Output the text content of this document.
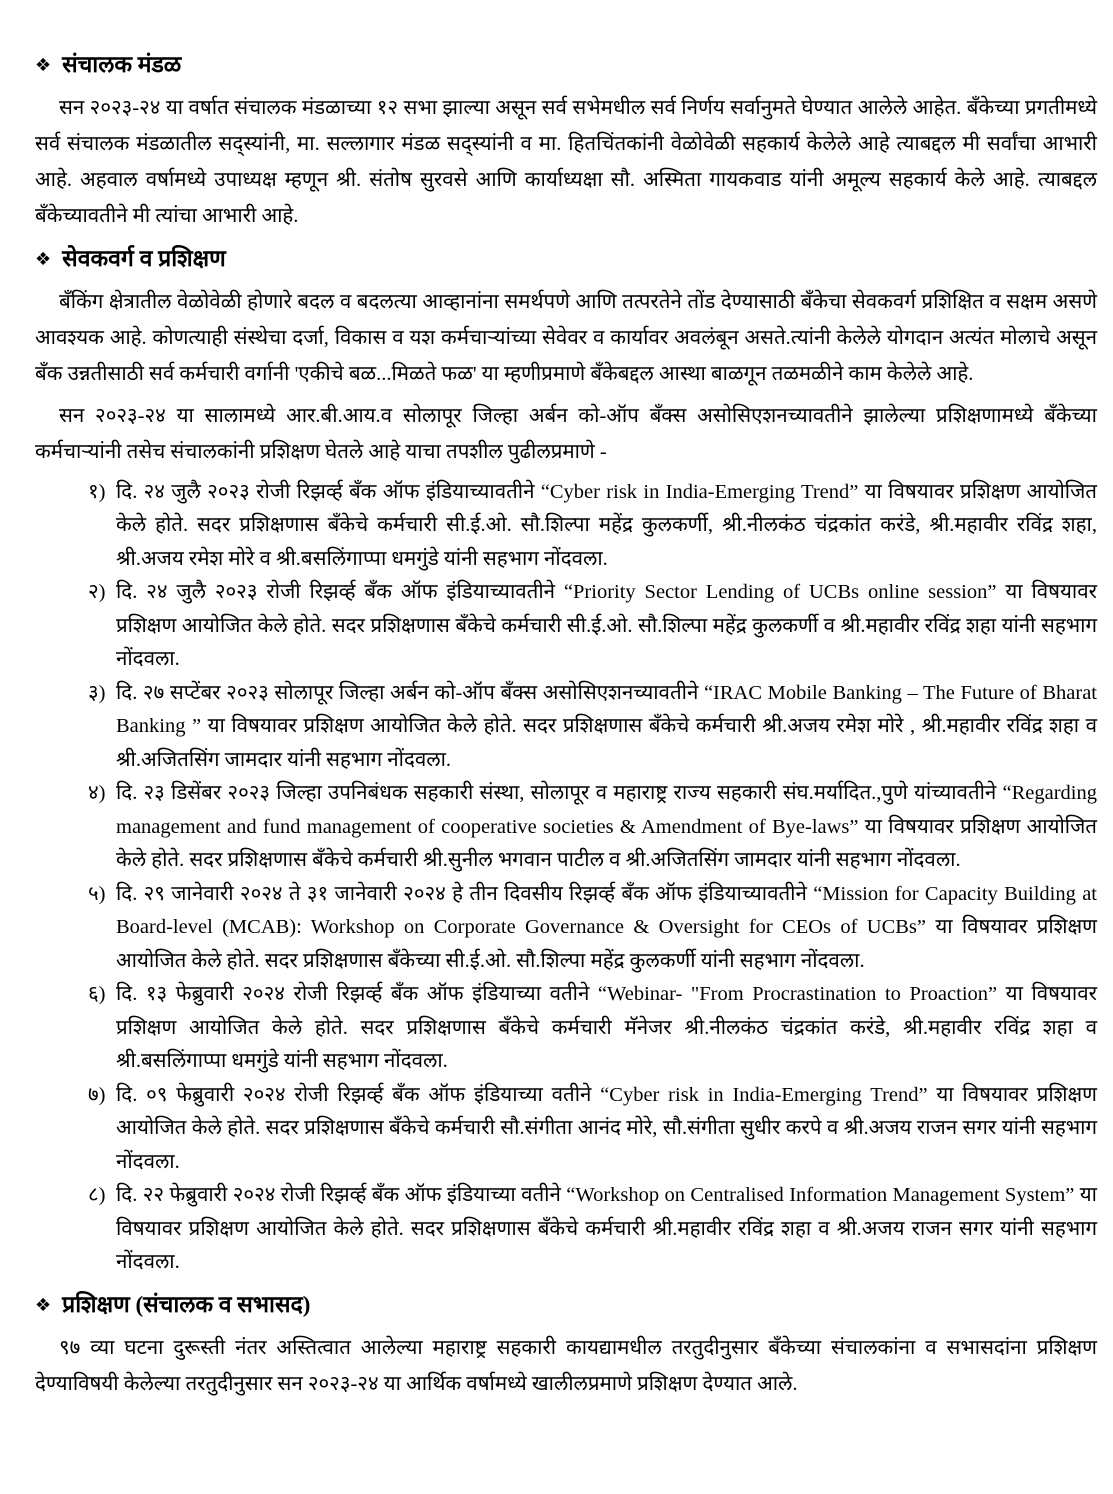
❖ संचालक मंडळ

सन २०२३-२४ या वर्षात संचालक मंडळाच्या १२ सभा झाल्या असून सर्व सभेमधील सर्व निर्णय सर्वानुमते घेण्यात आलेले आहेत. बँकेच्या प्रगतीमध्ये सर्व संचालक मंडळातील सद्स्यांनी, मा. सल्लागार मंडळ सद्स्यांनी व मा. हितचिंतकांनी वेळोवेळी सहकार्य केलेले आहे त्याबद्दल मी सर्वांचा आभारी आहे. अहवाल वर्षामध्ये उपाध्यक्ष म्हणून श्री. संतोष सुरवसे आणि कार्याध्यक्षा सौ. अस्मिता गायकवाड यांनी अमूल्य सहकार्य केले आहे. त्याबद्दल बँकेच्यावतीने मी त्यांचा आभारी आहे.

❖ सेवकवर्ग व प्रशिक्षण

बँकिंग क्षेत्रातील वेळोवेळी होणारे बदल व बदलत्या आव्हानांना समर्थपणे आणि तत्परतेने तोंड देण्यासाठी बँकेचा सेवकवर्ग प्रशिक्षित व सक्षम असणे आवश्यक आहे. कोणत्याही संस्थेचा दर्जा, विकास व यश कर्मचाऱ्यांच्या सेवेवर व कार्यावर अवलंबून असते.त्यांनी केलेले योगदान अत्यंत मोलाचे असून बँक उन्नतीसाठी सर्व कर्मचारी वर्गानी 'एकीचे बळ...मिळते फळ' या म्हणीप्रमाणे बँकेबद्दल आस्था बाळगून तळमळीने काम केलेले आहे.

सन २०२३-२४ या सालामध्ये आर.बी.आय.व सोलापूर जिल्हा अर्बन को-ऑप बँक्स असोसिएशनच्यावतीने झालेल्या प्रशिक्षणामध्ये बँकेच्या कर्मचाऱ्यांनी तसेच संचालकांनी प्रशिक्षण घेतले आहे याचा तपशील पुढीलप्रमाणे -

१) दि. २४ जुलै २०२३ रोजी रिझर्व्ह बँक ऑफ इंडियाच्यावतीने “Cyber risk in India-Emerging Trend” या विषयावर प्रशिक्षण आयोजित केले होते. सदर प्रशिक्षणास बँकेचे कर्मचारी सी.ई.ओ. सौ.शिल्पा महेंद्र कुलकर्णी, श्री.नीलकंठ चंद्रकांत करंडे, श्री.महावीर रविंद्र शहा, श्री.अजय रमेश मोरे व श्री.बसलिंगाप्पा धमगुंडे यांनी सहभाग नोंदवला.
२) दि. २४ जुलै २०२३ रोजी रिझर्व्ह बँक ऑफ इंडियाच्यावतीने “Priority Sector Lending of UCBs online session” या विषयावर प्रशिक्षण आयोजित केले होते. सदर प्रशिक्षणास बँकेचे कर्मचारी सी.ई.ओ. सौ.शिल्पा महेंद्र कुलकर्णी व श्री.महावीर रविंद्र शहा यांनी सहभाग नोंदवला.
३) दि. २७ सप्टेंबर २०२३ सोलापूर जिल्हा अर्बन को-ऑप बँक्स असोसिएशनच्यावतीने “IRAC Mobile Banking – The Future of Bharat Banking ” या विषयावर प्रशिक्षण आयोजित केले होते. सदर प्रशिक्षणास बँकेचे कर्मचारी श्री.अजय रमेश मोरे , श्री.महावीर रविंद्र शहा व श्री.अजितसिंग जामदार यांनी सहभाग नोंदवला.
४) दि. २३ डिसेंबर २०२३ जिल्हा उपनिबंधक सहकारी संस्था, सोलापूर व महाराष्ट्र राज्य सहकारी संघ.मर्यादित.,पुणे यांच्यावतीने “Regarding management and fund management of cooperative societies & Amendment of Bye-laws” या विषयावर प्रशिक्षण आयोजित केले होते. सदर प्रशिक्षणास बँकेचे कर्मचारी श्री.सुनील भगवान पाटील व श्री.अजितसिंग जामदार यांनी सहभाग नोंदवला.
५) दि. २९ जानेवारी २०२४ ते ३१ जानेवारी २०२४ हे तीन दिवसीय रिझर्व्ह बँक ऑफ इंडियाच्यावतीने “Mission for Capacity Building at Board-level (MCAB): Workshop on Corporate Governance & Oversight for CEOs of UCBs” या विषयावर प्रशिक्षण आयोजित केले होते. सदर प्रशिक्षणास बँकेच्या सी.ई.ओ. सौ.शिल्पा महेंद्र कुलकर्णी यांनी सहभाग नोंदवला.
६) दि. १३ फेब्रुवारी २०२४ रोजी रिझर्व्ह बँक ऑफ इंडियाच्या वतीने “Webinar- "From Procrastination to Proaction” या विषयावर प्रशिक्षण आयोजित केले होते. सदर प्रशिक्षणास बँकेचे कर्मचारी मॅनेजर श्री.नीलकंठ चंद्रकांत करंडे, श्री.महावीर रविंद्र शहा व श्री.बसलिंगाप्पा धमगुंडे यांनी सहभाग नोंदवला.
७) दि. ०९ फेब्रुवारी २०२४ रोजी रिझर्व्ह बँक ऑफ इंडियाच्या वतीने “Cyber risk in India-Emerging Trend” या विषयावर प्रशिक्षण आयोजित केले होते. सदर प्रशिक्षणास बँकेचे कर्मचारी सौ.संगीता आनंद मोरे, सौ.संगीता सुधीर करपे व श्री.अजय राजन सगर यांनी सहभाग नोंदवला.
८) दि. २२ फेब्रुवारी २०२४ रोजी रिझर्व्ह बँक ऑफ इंडियाच्या वतीने “Workshop on Centralised Information Management System” या विषयावर प्रशिक्षण आयोजित केले होते. सदर प्रशिक्षणास बँकेचे कर्मचारी श्री.महावीर रविंद्र शहा व श्री.अजय राजन सगर यांनी सहभाग नोंदवला.
❖ प्रशिक्षण (संचालक व सभासद)

९७ व्या घटना दुरूस्ती नंतर अस्तित्वात आलेल्या महाराष्ट्र सहकारी कायद्यामधील तरतुदीनुसार बँकेच्या संचालकांना व सभासदांना प्रशिक्षण देण्याविषयी केलेल्या तरतुदीनुसार सन २०२३-२४ या आर्थिक वर्षामध्ये खालीलप्रमाणे प्रशिक्षण देण्यात आले.
